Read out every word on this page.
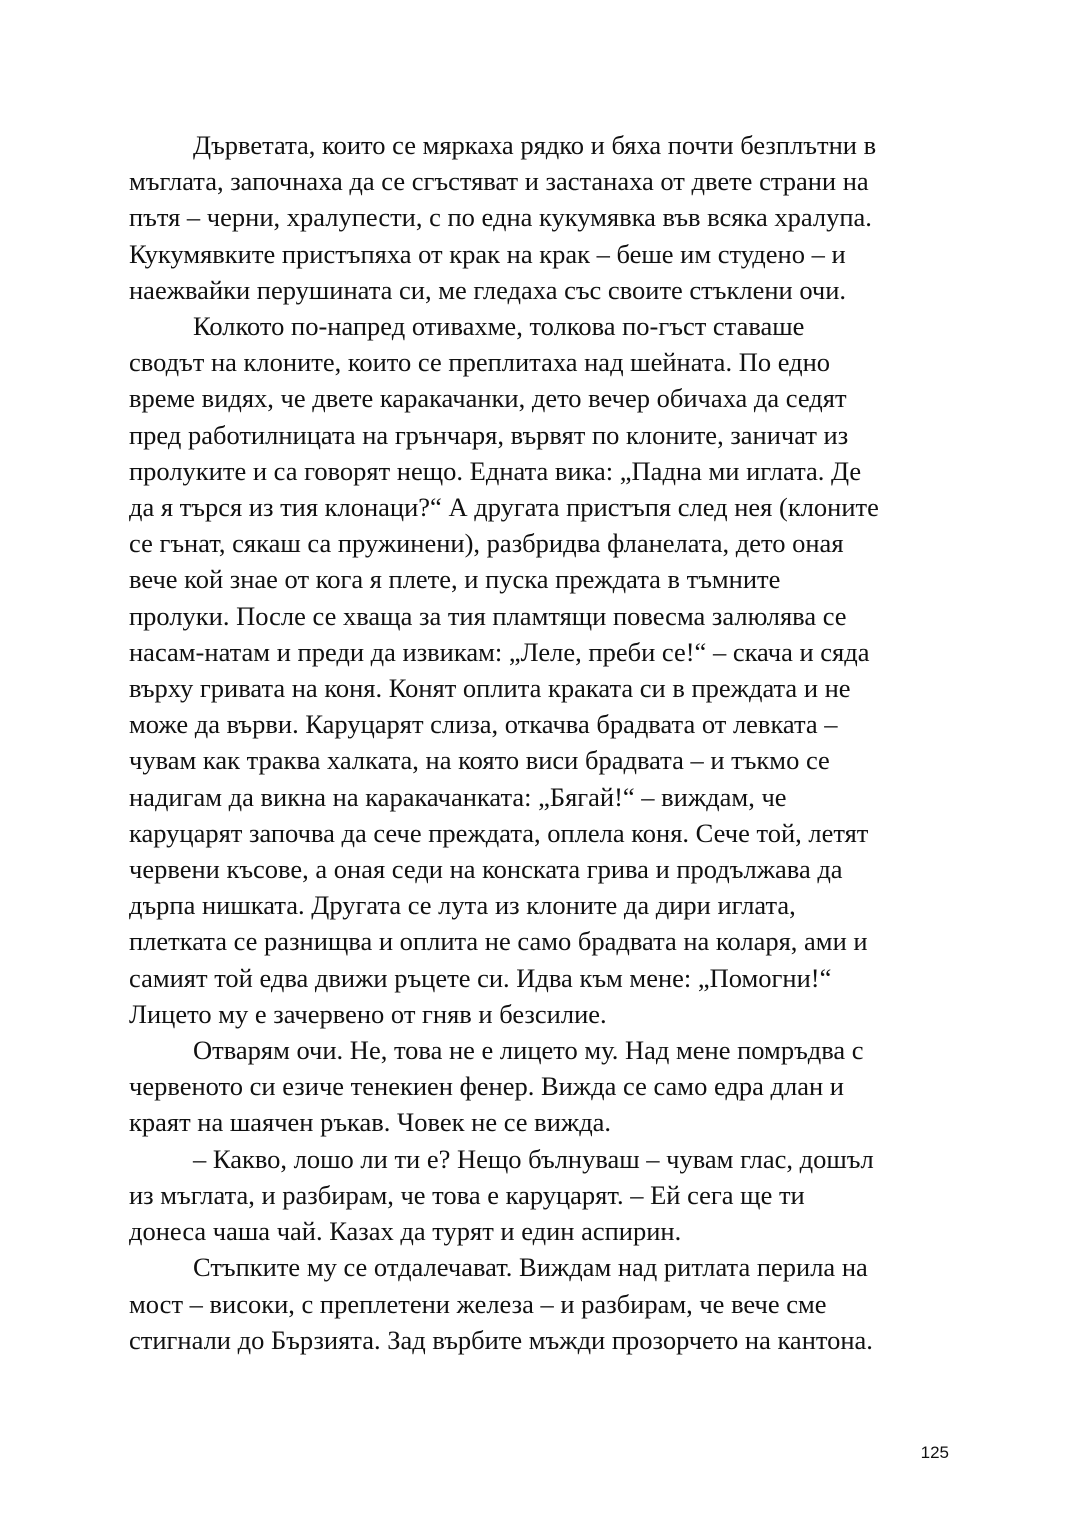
Дърветата, които се мяркаха рядко и бяха почти безплътни в
мъглата, започнаха да се сгъстяват и застанаха от двете страни на
пътя – черни, хралупести, с по една кукумявка във всяка хралупа.
Кукумявките пристъпяха от крак на крак – беше им студено – и
наежвайки перушината си, ме гледаха със своите стъклени очи.

Колкото по-напред отивахме, толкова по-гъст ставаше
сводът на клоните, които се преплитаха над шейната. По едно
време видях, че двете каракачанки, дето вечер обичаха да седят
пред работилницата на грънчаря, вървят по клоните, заничат из
пролуките и са говорят нещо. Едната вика: „Падна ми иглата. Де
да я търся из тия клонаци?“ А другата пристъпя след нея (клоните
се гънат, сякаш са пружинени), разбридва фланелата, дето оная
вече кой знае от кога я плете, и пуска преждата в тъмните
пролуки. После се хваща за тия пламтящи повесма залюлява се
насам-натам и преди да извикам: „Леле, преби се!“ – скача и сяда
върху гривата на коня. Конят оплита краката си в преждата и не
може да върви. Каруцарят слиза, откачва брадвата от левката –
чувам как траква халката, на която виси брадвата – и тъкмо се
надигам да викна на каракачанката: „Бягай!“ – виждам, че
каруцарят започва да сече преждата, оплела коня. Сече той, летят
червени късове, а оная седи на конската грива и продължава да
дърпа нишката. Другата се лута из клоните да дири иглата,
плетката се разнищва и оплита не само брадвата на коларя, ами и
самият той едва движи ръцете си. Идва към мене: „Помогни!“
Лицето му е зачервено от гняв и безсилие.

Отварям очи. Не, това не е лицето му. Над мене помръдва с
червеното си езиче тенекиен фенер. Вижда се само едра длан и
краят на шаячен ръкав. Човек не се вижда.

– Какво, лошо ли ти е? Нещо бълнуваш – чувам глас, дошъл
из мъглата, и разбирам, че това е каруцарят. – Ей сега ще ти
донеса чаша чай. Казах да турят и един аспирин.

Стъпките му се отдалечават. Виждам над ритлата перила на
мост – високи, с преплетени железа – и разбирам, че вече сме
стигнали до Бързията. Зад върбите мъжди прозорчето на кантона.

125
